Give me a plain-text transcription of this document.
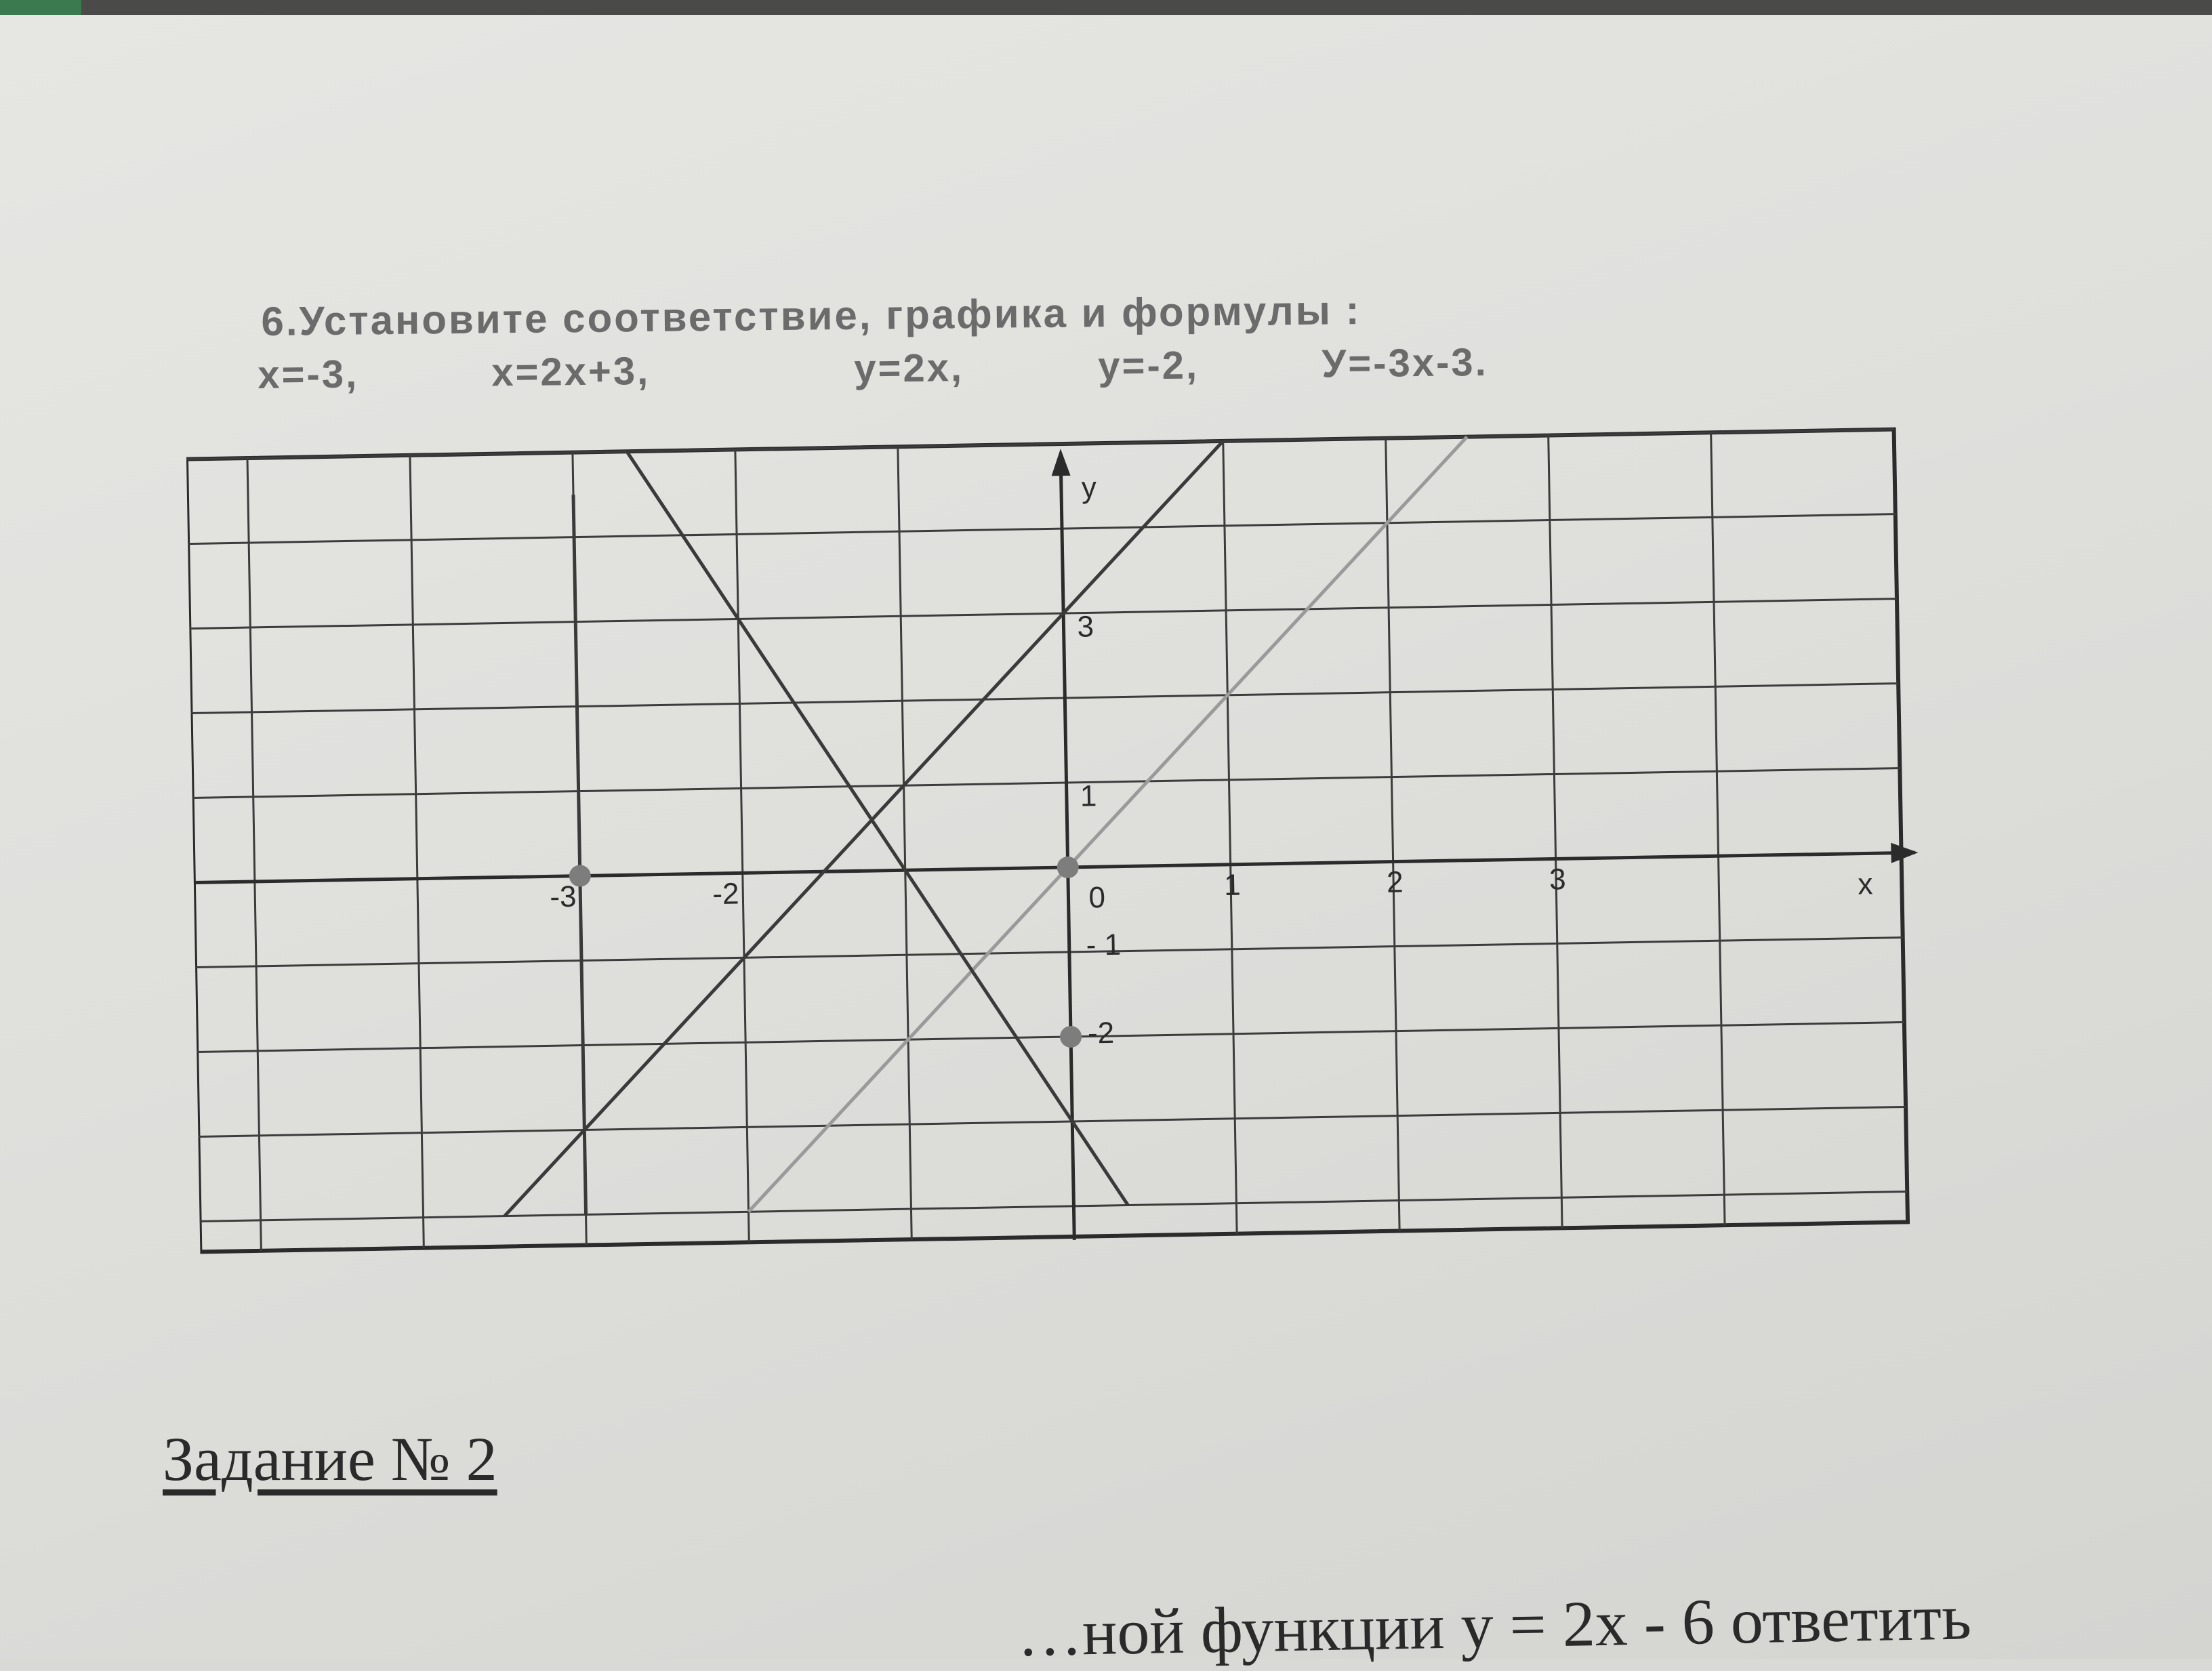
6.Установите соответствие, графика и формулы :
x=-3,	x=2x+3,	y=2x,	y=-2,	У=-3x-3.
x
y
0
-3	-2	1	2	3
3
1
- 1
-2
Задание № 2
…ной функции y = 2x - 6 ответить
